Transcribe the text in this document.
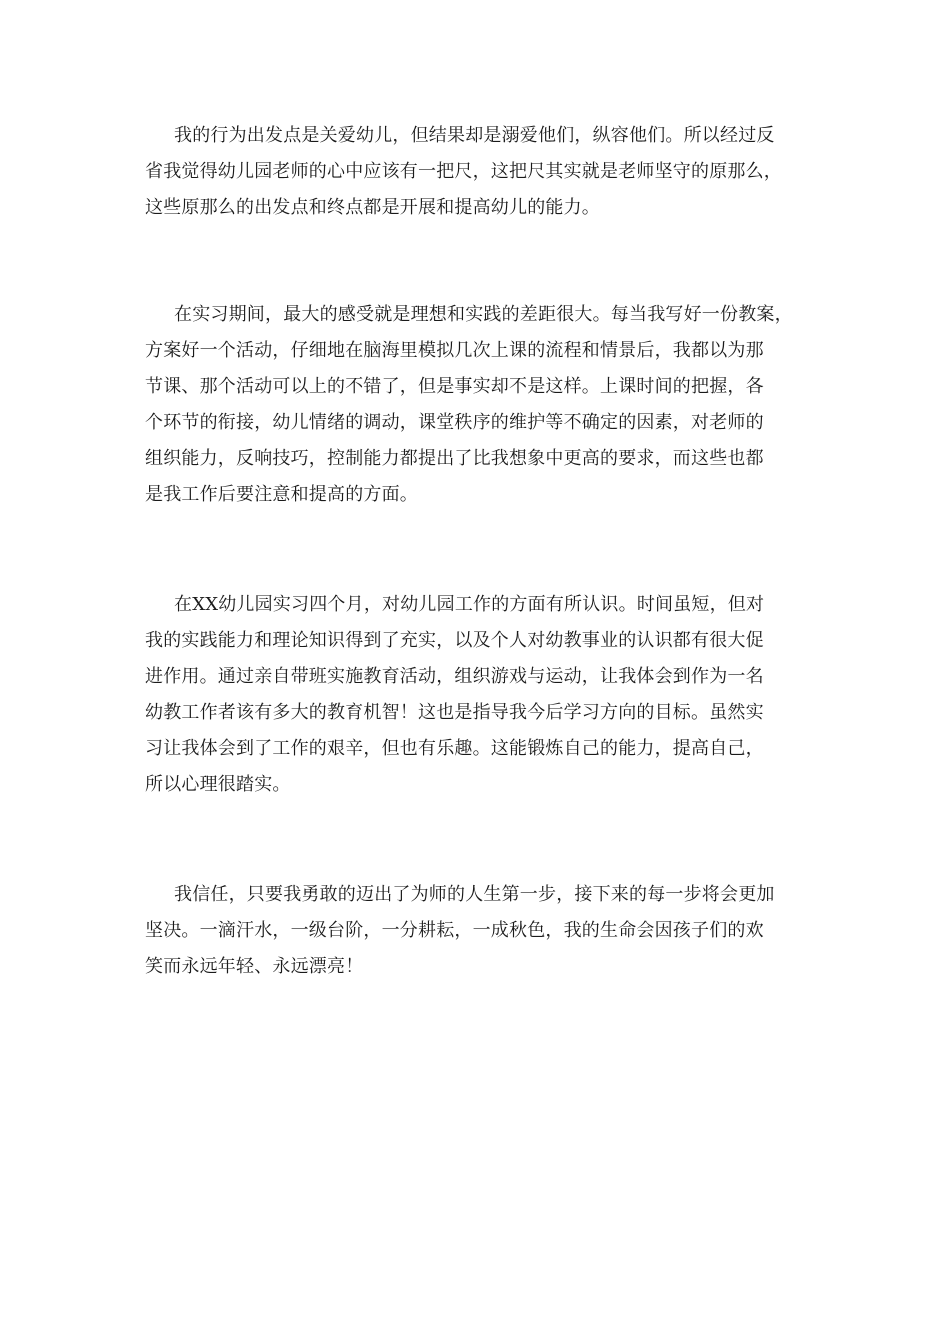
我的行为出发点是关爱幼儿，但结果却是溺爱他们，纵容他们。所以经过反
省我觉得幼儿园老师的心中应该有一把尺，这把尺其实就是老师坚守的原那么，
这些原那么的出发点和终点都是开展和提高幼儿的能力。
在实习期间，最大的感受就是理想和实践的差距很大。每当我写好一份教案，
方案好一个活动，仔细地在脑海里模拟几次上课的流程和情景后，我都以为那
节课、那个活动可以上的不错了，但是事实却不是这样。上课时间的把握，各
个环节的衔接，幼儿情绪的调动，课堂秩序的维护等不确定的因素，对老师的
组织能力，反响技巧，控制能力都提出了比我想象中更高的要求，而这些也都
是我工作后要注意和提高的方面。
在XX幼儿园实习四个月，对幼儿园工作的方面有所认识。时间虽短，但对
我的实践能力和理论知识得到了充实，以及个人对幼教事业的认识都有很大促
进作用。通过亲自带班实施教育活动，组织游戏与运动，让我体会到作为一名
幼教工作者该有多大的教育机智！这也是指导我今后学习方向的目标。虽然实
习让我体会到了工作的艰辛，但也有乐趣。这能锻炼自己的能力，提高自己，
所以心理很踏实。
我信任，只要我勇敢的迈出了为师的人生第一步，接下来的每一步将会更加
坚决。一滴汗水，一级台阶，一分耕耘，一成秋色，我的生命会因孩子们的欢
笑而永远年轻、永远漂亮！
